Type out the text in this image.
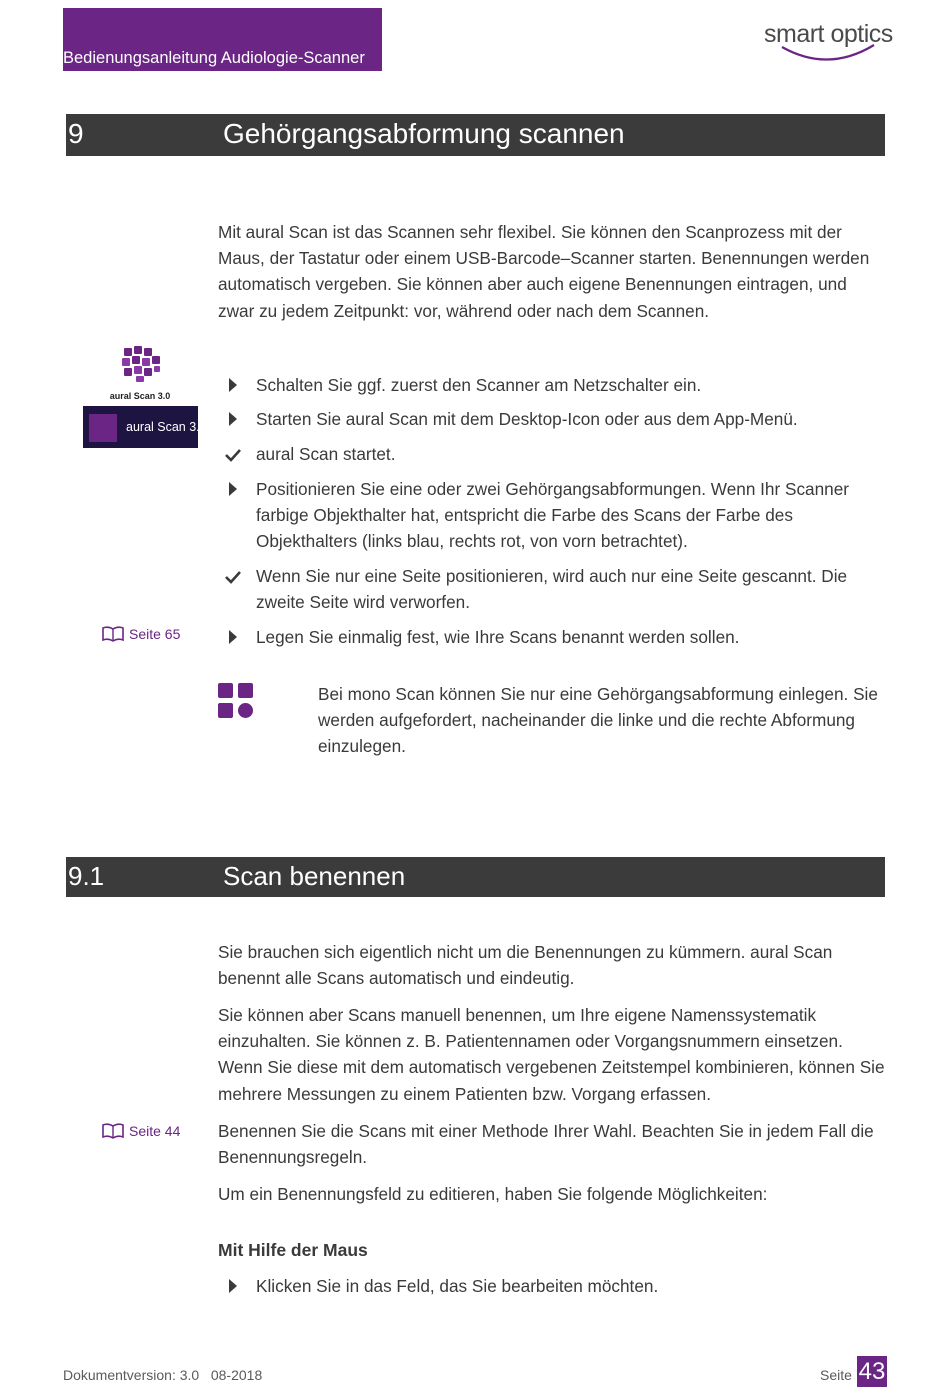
Bedienungsanleitung Audiologie-Scanner
smart optics
9	Gehörgangsabformung scannen
Mit aural Scan ist das Scannen sehr flexibel. Sie können den Scanprozess mit der Maus, der Tastatur oder einem USB-Barcode–Scanner starten. Benennungen werden automatisch vergeben. Sie können aber auch eigene Benennungen eintragen, und zwar zu jedem Zeitpunkt: vor, während oder nach dem Scannen.
aural Scan 3.0
aural Scan 3.0
Schalten Sie ggf. zuerst den Scanner am Netzschalter ein.
Starten Sie aural Scan mit dem Desktop-Icon oder aus dem App-Menü.
aural Scan startet.
Positionieren Sie eine oder zwei Gehörgangsabformungen. Wenn Ihr Scanner farbige Objekthalter hat, entspricht die Farbe des Scans der Farbe des Objekthalters (links blau, rechts rot, von vorn betrachtet).
Wenn Sie nur eine Seite positionieren, wird auch nur eine Seite gescannt. Die zweite Seite wird verworfen.
Seite 65	Legen Sie einmalig fest, wie Ihre Scans benannt werden sollen.
Bei mono Scan können Sie nur eine Gehörgangsabformung einlegen. Sie werden aufgefordert, nacheinander die linke und die rechte Abformung einzulegen.
9.1	Scan benennen
Sie brauchen sich eigentlich nicht um die Benennungen zu kümmern. aural Scan benennt alle Scans automatisch und eindeutig.
Sie können aber Scans manuell benennen, um Ihre eigene Namenssystematik einzuhalten. Sie können z. B. Patientennamen oder Vorgangsnummern einsetzen. Wenn Sie diese mit dem automatisch vergebenen Zeitstempel kombinieren, können Sie mehrere Messungen zu einem Patienten bzw. Vorgang erfassen.
Seite 44 Benennen Sie die Scans mit einer Methode Ihrer Wahl. Beachten Sie in jedem Fall die Benennungsregeln.
Um ein Benennungsfeld zu editieren, haben Sie folgende Möglichkeiten:
Mit Hilfe der Maus
Klicken Sie in das Feld, das Sie bearbeiten möchten.
Dokumentversion: 3.0 08-2018	Seite 43
